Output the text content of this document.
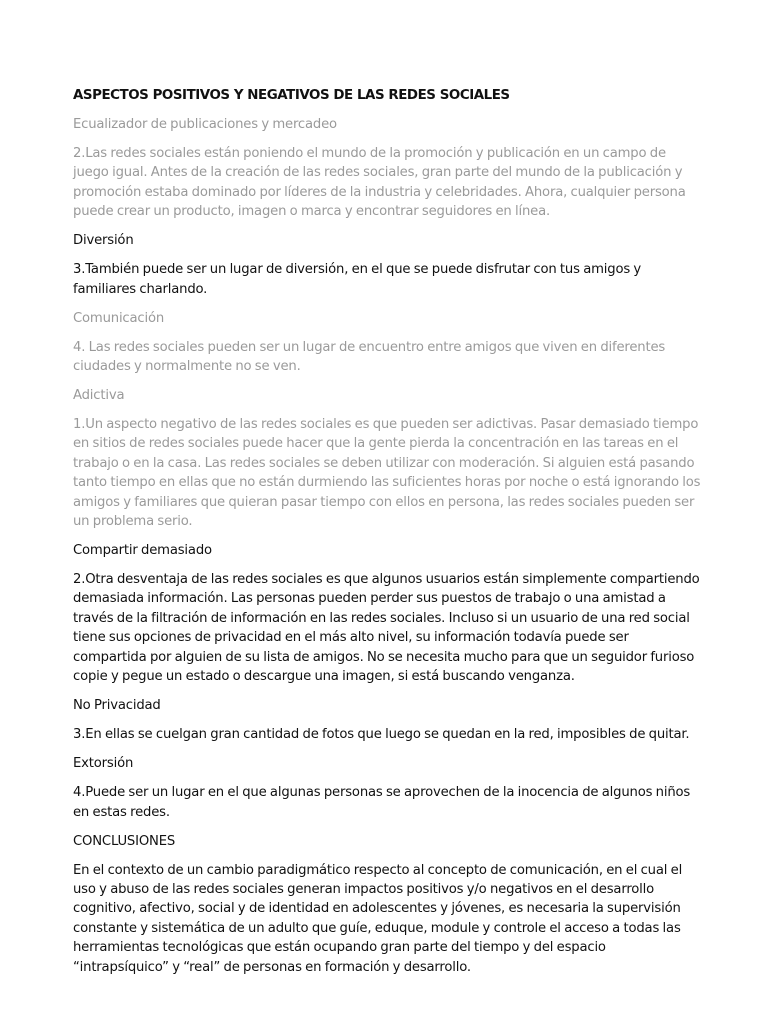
ASPECTOS POSITIVOS Y NEGATIVOS DE LAS REDES SOCIALES
Ecualizador de publicaciones y mercadeo
2.Las redes sociales están poniendo el mundo de la promoción y publicación en un campo de juego igual. Antes de la creación de las redes sociales, gran parte del mundo de la publicación y promoción estaba dominado por líderes de la industria y celebridades. Ahora, cualquier persona puede crear un producto, imagen o marca y encontrar seguidores en línea.
Diversión
3.También puede ser un lugar de diversión, en el que se puede disfrutar con tus amigos y familiares charlando.
Comunicación
4. Las redes sociales pueden ser un lugar de encuentro entre amigos que viven en diferentes ciudades y normalmente no se ven.
Adictiva
1.Un aspecto negativo de las redes sociales es que pueden ser adictivas. Pasar demasiado tiempo en sitios de redes sociales puede hacer que la gente pierda la concentración en las tareas en el trabajo o en la casa. Las redes sociales se deben utilizar con moderación. Si alguien está pasando tanto tiempo en ellas que no están durmiendo las suficientes horas por noche o está ignorando los amigos y familiares que quieran pasar tiempo con ellos en persona, las redes sociales pueden ser un problema serio.
Compartir demasiado
2.Otra desventaja de las redes sociales es que algunos usuarios están simplemente compartiendo demasiada información. Las personas pueden perder sus puestos de trabajo o una amistad a través de la filtración de información en las redes sociales. Incluso si un usuario de una red social tiene sus opciones de privacidad en el más alto nivel, su información todavía puede ser compartida por alguien de su lista de amigos. No se necesita mucho para que un seguidor furioso copie y pegue un estado o descargue una imagen, si está buscando venganza.
No Privacidad
3.En ellas se cuelgan gran cantidad de fotos que luego se quedan en la red, imposibles de quitar.
Extorsión
4.Puede ser un lugar en el que algunas personas se aprovechen de la inocencia de algunos niños en estas redes.
CONCLUSIONES
En el contexto de un cambio paradigmático respecto al concepto de comunicación, en el cual el uso y abuso de las redes sociales generan impactos positivos y/o negativos en el desarrollo cognitivo, afectivo, social y de identidad en adolescentes y jóvenes, es necesaria la supervisión constante y sistemática de un adulto que guíe, eduque, module y controle el acceso a todas las herramientas tecnológicas que están ocupando gran parte del tiempo y del espacio “intrapsíquico” y “real” de personas en formación y desarrollo.
